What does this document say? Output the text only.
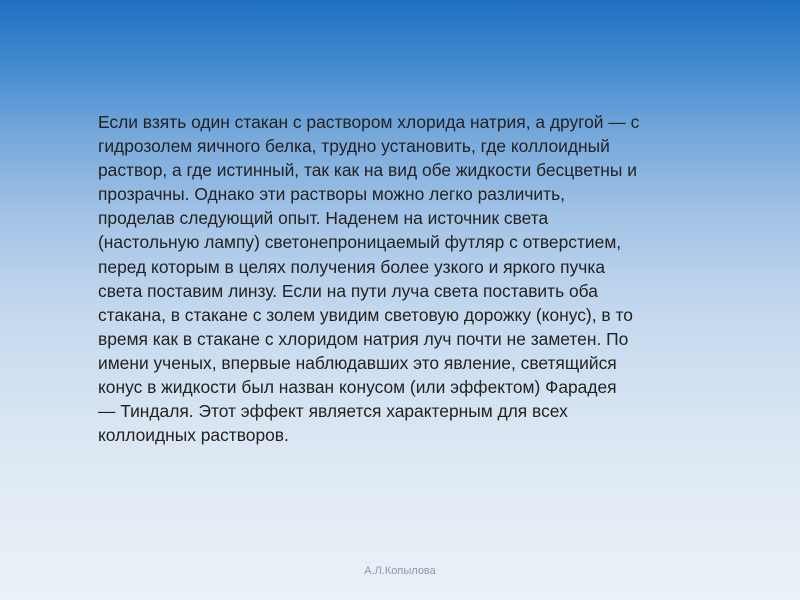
Если взять один стакан с раствором хлорида натрия, а другой — с
гидрозолем яичного белка, трудно установить, где коллоидный
раствор, а где истинный, так как на вид обе жидкости бесцветны и
прозрачны. Однако эти растворы можно легко различить,
проделав следующий опыт. Наденем на источник света
(настольную лампу) светонепроницаемый футляр с отверстием,
перед которым в целях получения более узкого и яркого пучка
света поставим линзу. Если на пути луча света поставить оба
стакана, в стакане с золем увидим световую дорожку (конус), в то
время как в стакане с хлоридом натрия луч почти не заметен. По
имени ученых, впервые наблюдавших это явление, светящийся
конус в жидкости был назван конусом (или эффектом) Фарадея
— Тиндаля. Этот эффект является характерным для всех
коллоидных растворов.

А.Л.Копылова
